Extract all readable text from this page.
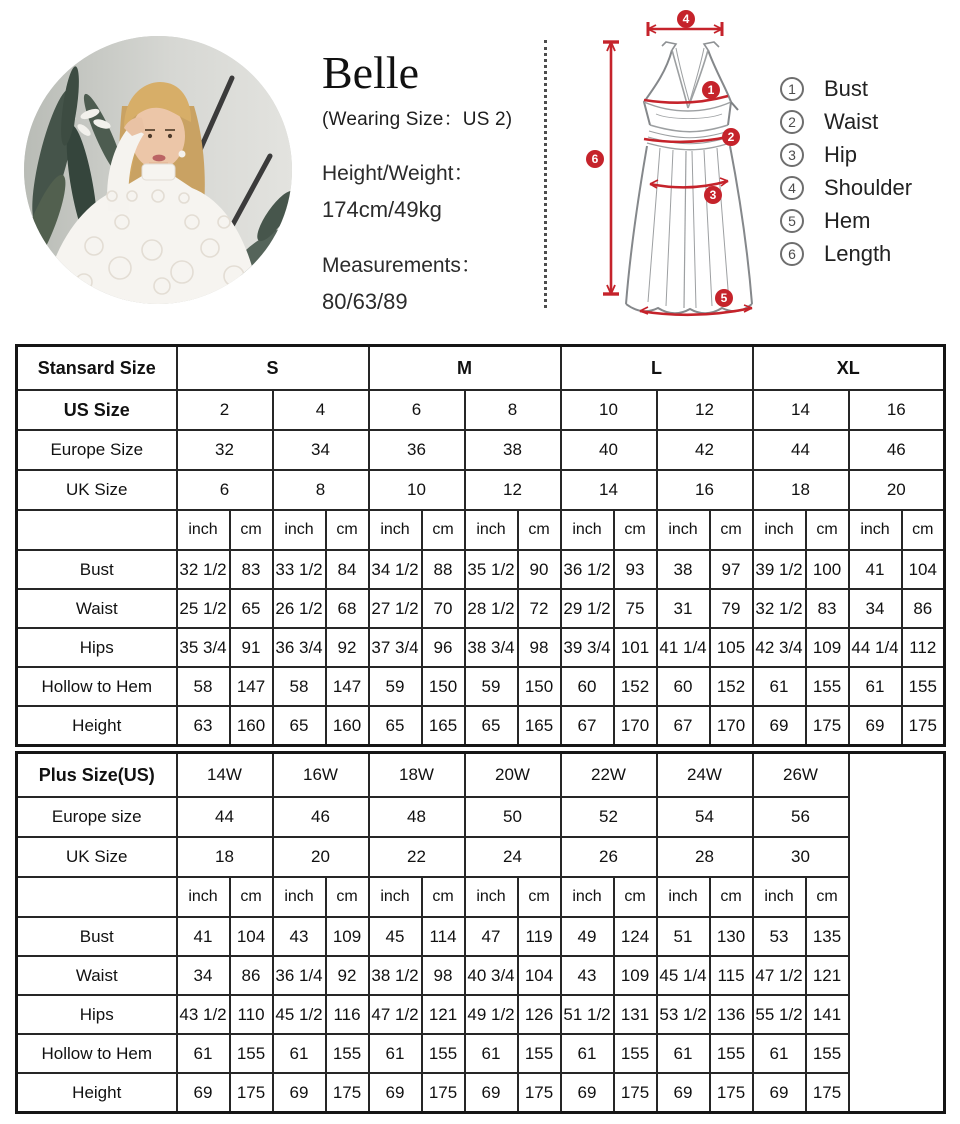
Belle
(Wearing Size：US 2)
Height/Weight：
174cm/49kg
Measurements：
80/63/89
1
2
3
4
5
6
1	Bust
2	Waist
3	Hip
4	Shoulder
5	Hem
6	Length
Stansard Size	S				M				L				XL			
US Size	2		4		6		8		10		12		14		16	
Europe Size	32		34		36		38		40		42		44		46	
UK Size	6		8		10		12		14		16		18		20	
	inch	cm	inch	cm	inch	cm	inch	cm	inch	cm	inch	cm	inch	cm	inch	cm
Bust	32 1/2	83	33 1/2	84	34 1/2	88	35 1/2	90	36 1/2	93	38	97	39 1/2	100	41	104
Waist	25 1/2	65	26 1/2	68	27 1/2	70	28 1/2	72	29 1/2	75	31	79	32 1/2	83	34	86
Hips	35 3/4	91	36 3/4	92	37 3/4	96	38 3/4	98	39 3/4	101	41 1/4	105	42 3/4	109	44 1/4	112
Hollow to Hem	58	147	58	147	59	150	59	150	60	152	60	152	61	155	61	155
Height	63	160	65	160	65	165	65	165	67	170	67	170	69	175	69	175
Plus Size(US)	14W		16W		18W		20W		22W		24W		26W		
Europe size	44		46		48		50		52		54		56		
UK Size	18		20		22		24		26		28		30		
	inch	cm	inch	cm	inch	cm	inch	cm	inch	cm	inch	cm	inch	cm	
Bust	41	104	43	109	45	114	47	119	49	124	51	130	53	135	
Waist	34	86	36 1/4	92	38 1/2	98	40 3/4	104	43	109	45 1/4	115	47 1/2	121	
Hips	43 1/2	110	45 1/2	116	47 1/2	121	49 1/2	126	51 1/2	131	53 1/2	136	55 1/2	141	
Hollow to Hem	61	155	61	155	61	155	61	155	61	155	61	155	61	155	
Height	69	175	69	175	69	175	69	175	69	175	69	175	69	175	
